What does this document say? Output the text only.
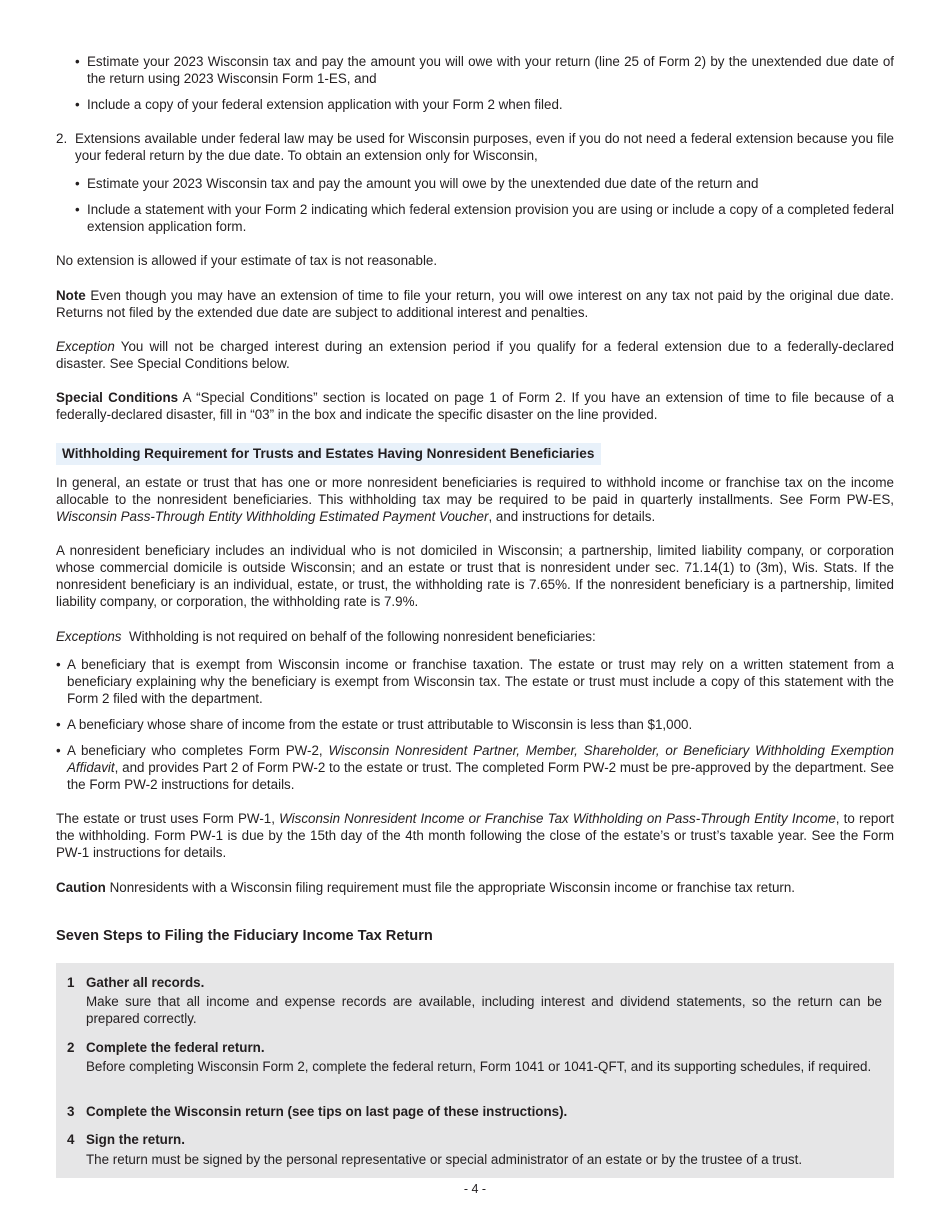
• Estimate your 2023 Wisconsin tax and pay the amount you will owe with your return (line 25 of Form 2) by the unextended due date of the return using 2023 Wisconsin Form 1-ES, and

• Include a copy of your federal extension application with your Form 2 when filed.

2. Extensions available under federal law may be used for Wisconsin purposes, even if you do not need a federal extension because you file your federal return by the due date. To obtain an extension only for Wisconsin,

• Estimate your 2023 Wisconsin tax and pay the amount you will owe by the unextended due date of the return and

• Include a statement with your Form 2 indicating which federal extension provision you are using or include a copy of a completed federal extension application form.

No extension is allowed if your estimate of tax is not reasonable.

Note Even though you may have an extension of time to file your return, you will owe interest on any tax not paid by the original due date. Returns not filed by the extended due date are subject to additional interest and penalties.

Exception You will not be charged interest during an extension period if you qualify for a federal extension due to a federally-declared disaster. See Special Conditions below.

Special Conditions A “Special Conditions” section is located on page 1 of Form 2. If you have an extension of time to file because of a federally-declared disaster, fill in “03” in the box and indicate the specific disaster on the line provided.

Withholding Requirement for Trusts and Estates Having Nonresident Beneficiaries

In general, an estate or trust that has one or more nonresident beneficiaries is required to withhold income or franchise tax on the income allocable to the nonresident beneficiaries. This withholding tax may be required to be paid in quarterly installments. See Form PW-ES, Wisconsin Pass-Through Entity Withholding Estimated Payment Voucher, and instructions for details.

A nonresident beneficiary includes an individual who is not domiciled in Wisconsin; a partnership, limited liability company, or corporation whose commercial domicile is outside Wisconsin; and an estate or trust that is nonresident under sec. 71.14(1) to (3m), Wis. Stats. If the nonresident beneficiary is an individual, estate, or trust, the withholding rate is 7.65%. If the nonresident beneficiary is a partnership, limited liability company, or corporation, the withholding rate is 7.9%.

Exceptions Withholding is not required on behalf of the following nonresident beneficiaries:

• A beneficiary that is exempt from Wisconsin income or franchise taxation. The estate or trust may rely on a written statement from a beneficiary explaining why the beneficiary is exempt from Wisconsin tax. The estate or trust must include a copy of this statement with the Form 2 filed with the department.

• A beneficiary whose share of income from the estate or trust attributable to Wisconsin is less than $1,000.

• A beneficiary who completes Form PW-2, Wisconsin Nonresident Partner, Member, Shareholder, or Beneficiary Withholding Exemption Affidavit, and provides Part 2 of Form PW-2 to the estate or trust. The completed Form PW-2 must be pre-approved by the department. See the Form PW-2 instructions for details.

The estate or trust uses Form PW-1, Wisconsin Nonresident Income or Franchise Tax Withholding on Pass-Through Entity Income, to report the withholding. Form PW-1 is due by the 15th day of the 4th month following the close of the estate’s or trust’s taxable year. See the Form PW-1 instructions for details.

Caution Nonresidents with a Wisconsin filing requirement must file the appropriate Wisconsin income or franchise tax return.

Seven Steps to Filing the Fiduciary Income Tax Return
1 Gather all records.

Make sure that all income and expense records are available, including interest and dividend statements, so the return can be prepared correctly.

2 Complete the federal return.

Before completing Wisconsin Form 2, complete the federal return, Form 1041 or 1041-QFT, and its supporting schedules, if required.

3 Complete the Wisconsin return (see tips on last page of these instructions).
4 Sign the return.

The return must be signed by the personal representative or special administrator of an estate or by the trustee of a trust.

- 4 -
